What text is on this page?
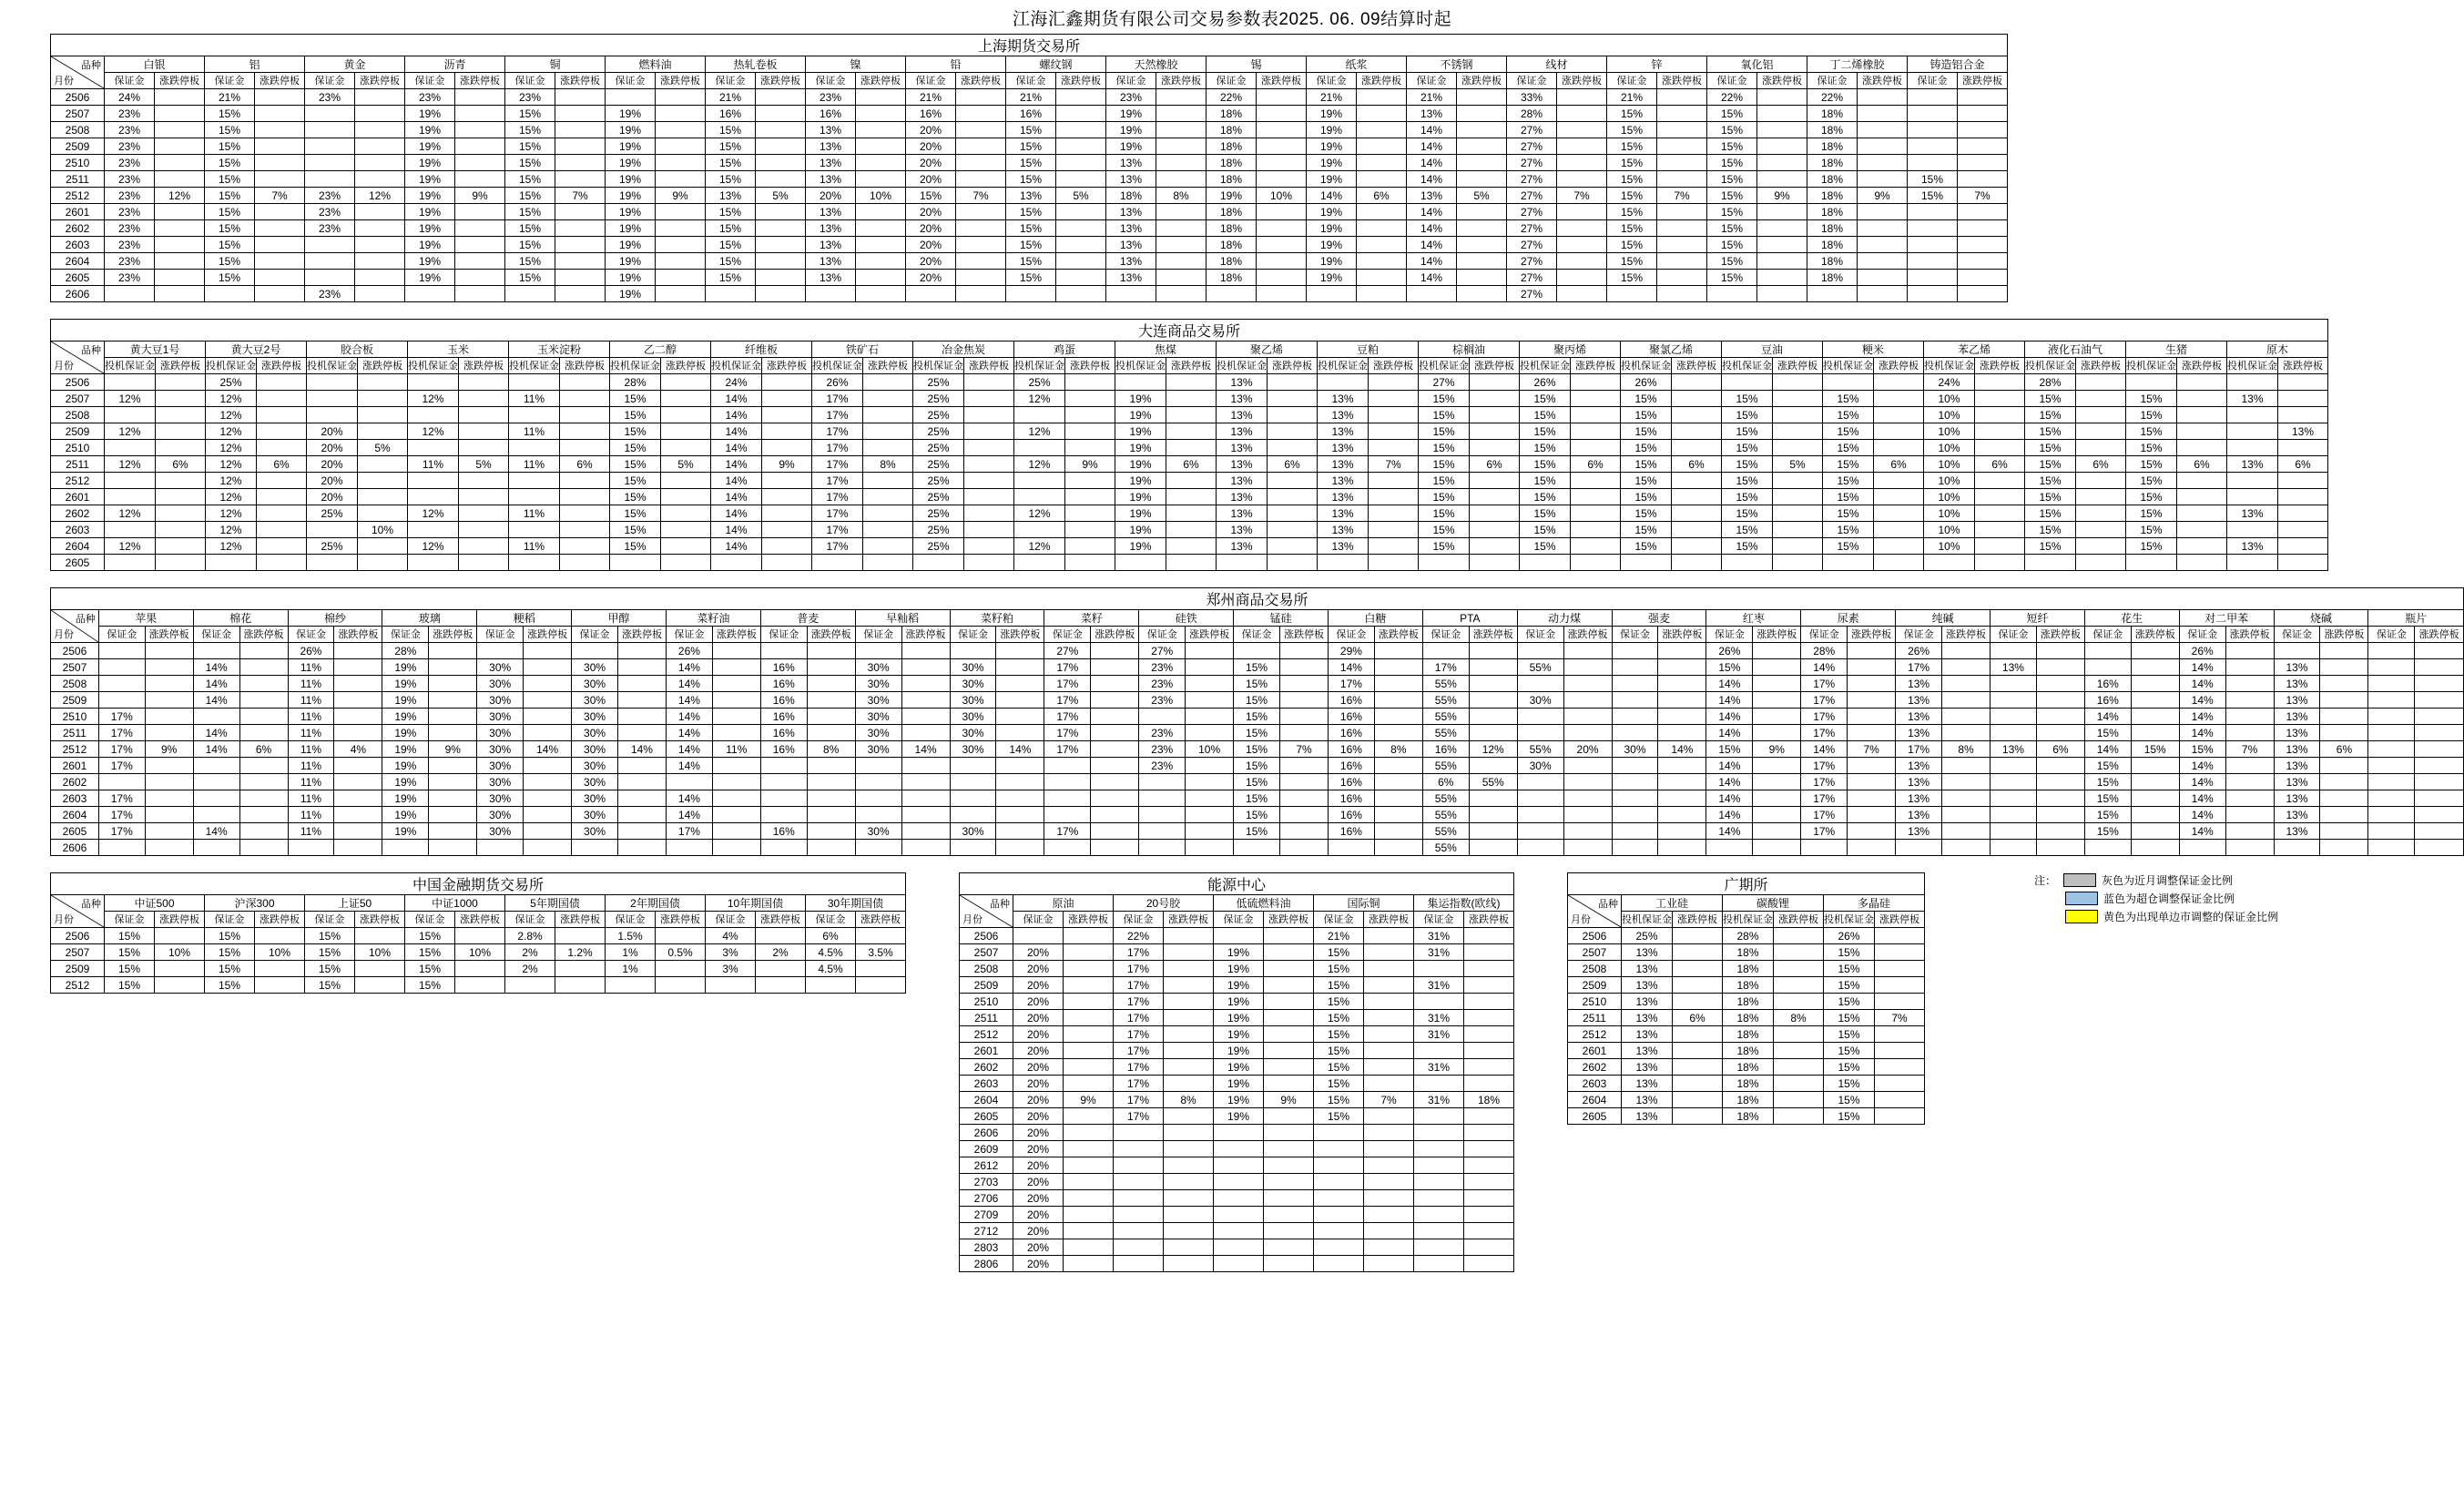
江海汇鑫期货有限公司交易参数表2025. 06. 09结算时起
上海期货交易所																																						

品种
月份	白银		铝		黄金		沥青		铜		燃料油		热轧卷板		镍		铅		螺纹钢		天然橡胶		锡		纸浆		不锈钢		线材		锌		氧化铝		丁二烯橡胶		铸造铝合金	
	保证金	涨跌停板	保证金	涨跌停板	保证金	涨跌停板	保证金	涨跌停板	保证金	涨跌停板	保证金	涨跌停板	保证金	涨跌停板	保证金	涨跌停板	保证金	涨跌停板	保证金	涨跌停板	保证金	涨跌停板	保证金	涨跌停板	保证金	涨跌停板	保证金	涨跌停板	保证金	涨跌停板	保证金	涨跌停板	保证金	涨跌停板	保证金	涨跌停板	保证金	涨跌停板
2506	24%		21%		23%		23%		23%				21%		23%		21%		21%		23%		22%		21%		21%		33%		21%		22%		22%			
2507	23%		15%				19%		15%		19%		16%		16%		16%		16%		19%		18%		19%		13%		28%		15%		15%		18%			
2508	23%		15%				19%		15%		19%		15%		13%		20%		15%		19%		18%		19%		14%		27%		15%		15%		18%			
2509	23%		15%				19%		15%		19%		15%		13%		20%		15%		19%		18%		19%		14%		27%		15%		15%		18%			
2510	23%		15%				19%		15%		19%		15%		13%		20%		15%		13%		18%		19%		14%		27%		15%		15%		18%			
2511	23%		15%				19%		15%		19%		15%		13%		20%		15%		13%		18%		19%		14%		27%		15%		15%		18%		15%	
2512	23%	12%	15%	7%	23%	12%	19%	9%	15%	7%	19%	9%	13%	5%	20%	10%	15%	7%	13%	5%	18%	8%	19%	10%	14%	6%	13%	5%	27%	7%	15%	7%	15%	9%	18%	9%	15%	7%
2601	23%		15%		23%		19%		15%		19%		15%		13%		20%		15%		13%		18%		19%		14%		27%		15%		15%		18%			
2602	23%		15%		23%		19%		15%		19%		15%		13%		20%		15%		13%		18%		19%		14%		27%		15%		15%		18%			
2603	23%		15%				19%		15%		19%		15%		13%		20%		15%		13%		18%		19%		14%		27%		15%		15%		18%			
2604	23%		15%				19%		15%		19%		15%		13%		20%		15%		13%		18%		19%		14%		27%		15%		15%		18%			
2605	23%		15%				19%		15%		19%		15%		13%		20%		15%		13%		18%		19%		14%		27%		15%		15%		18%			
2606					23%						19%																		27%									
大连商品交易所																																												

品种
月份	黄大豆1号		黄大豆2号		胶合板		玉米		玉米淀粉		乙二醇		纤维板		铁矿石		冶金焦炭		鸡蛋		焦煤		聚乙烯		豆粕		棕榈油		聚丙烯		聚氯乙烯		豆油		粳米		苯乙烯		液化石油气		生猪		原木	
	投机保证金	涨跌停板	投机保证金	涨跌停板	投机保证金	涨跌停板	投机保证金	涨跌停板	投机保证金	涨跌停板	投机保证金	涨跌停板	投机保证金	涨跌停板	投机保证金	涨跌停板	投机保证金	涨跌停板	投机保证金	涨跌停板	投机保证金	涨跌停板	投机保证金	涨跌停板	投机保证金	涨跌停板	投机保证金	涨跌停板	投机保证金	涨跌停板	投机保证金	涨跌停板	投机保证金	涨跌停板	投机保证金	涨跌停板	投机保证金	涨跌停板	投机保证金	涨跌停板	投机保证金	涨跌停板	投机保证金	涨跌停板
2506			25%								28%		24%		26%		25%		25%				13%				27%		26%		26%						24%		28%					
2507	12%		12%				12%		11%		15%		14%		17%		25%		12%		19%		13%		13%		15%		15%		15%		15%		15%		10%		15%		15%		13%	
2508			12%								15%		14%		17%		25%				19%		13%		13%		15%		15%		15%		15%		15%		10%		15%		15%			
2509	12%		12%		20%		12%		11%		15%		14%		17%		25%		12%		19%		13%		13%		15%		15%		15%		15%		15%		10%		15%		15%			13%
2510			12%		20%	5%					15%		14%		17%		25%				19%		13%		13%		15%		15%		15%		15%		15%		10%		15%		15%			
2511	12%	6%	12%	6%	20%		11%	5%	11%	6%	15%	5%	14%	9%	17%	8%	25%		12%	9%	19%	6%	13%	6%	13%	7%	15%	6%	15%	6%	15%	6%	15%	5%	15%	6%	10%	6%	15%	6%	15%	6%	13%	6%
2512			12%		20%						15%		14%		17%		25%				19%		13%		13%		15%		15%		15%		15%		15%		10%		15%		15%			
2601			12%		20%						15%		14%		17%		25%				19%		13%		13%		15%		15%		15%		15%		15%		10%		15%		15%			
2602	12%		12%		25%		12%		11%		15%		14%		17%		25%		12%		19%		13%		13%		15%		15%		15%		15%		15%		10%		15%		15%		13%	
2603			12%			10%					15%		14%		17%		25%				19%		13%		13%		15%		15%		15%		15%		15%		10%		15%		15%			
2604	12%		12%		25%		12%		11%		15%		14%		17%		25%		12%		19%		13%		13%		15%		15%		15%		15%		15%		10%		15%		15%		13%	
2605																																												
郑州商品交易所																																																		

品种
月份	苹果		棉花		棉纱		玻璃		粳稻		甲醇		菜籽油		普麦		早籼稻		菜籽粕		菜籽		硅铁		锰硅		白糖		PTA		动力煤		强麦		红枣		尿素		纯碱		短纤		花生		对二甲苯		烧碱		瓶片	
	保证金	涨跌停板	保证金	涨跌停板	保证金	涨跌停板	保证金	涨跌停板	保证金	涨跌停板	保证金	涨跌停板	保证金	涨跌停板	保证金	涨跌停板	保证金	涨跌停板	保证金	涨跌停板	保证金	涨跌停板	保证金	涨跌停板	保证金	涨跌停板	保证金	涨跌停板	保证金	涨跌停板	保证金	涨跌停板	保证金	涨跌停板	保证金	涨跌停板	保证金	涨跌停板	保证金	涨跌停板	保证金	涨跌停板	保证金	涨跌停板	保证金	涨跌停板	保证金	涨跌停板	保证金	涨跌停板
2506					26%		28%						26%								27%		27%				29%								26%		28%		26%						26%					
2507			14%		11%		19%		30%		30%		14%		16%		30%		30%		17%		23%		15%		14%		17%		55%				15%		14%		17%		13%				14%		13%			
2508			14%		11%		19%		30%		30%		14%		16%		30%		30%		17%		23%		15%		17%		55%						14%		17%		13%				16%		14%		13%			
2509			14%		11%		19%		30%		30%		14%		16%		30%		30%		17%		23%		15%		16%		55%		30%				14%		17%		13%				16%		14%		13%			
2510	17%				11%		19%		30%		30%		14%		16%		30%		30%		17%				15%		16%		55%						14%		17%		13%				14%		14%		13%			
2511	17%		14%		11%		19%		30%		30%		14%		16%		30%		30%		17%		23%		15%		16%		55%						14%		17%		13%				15%		14%		13%			
2512	17%	9%	14%	6%	11%	4%	19%	9%	30%	14%	30%	14%	14%	11%	16%	8%	30%	14%	30%	14%	17%		23%	10%	15%	7%	16%	8%	16%	12%	55%	20%	30%	14%	15%	9%	14%	7%	17%	8%	13%	6%	14%	15%	15%	7%	13%	6%		
2601	17%				11%		19%		30%		30%		14%										23%		15%		16%		55%		30%				14%		17%		13%				15%		14%		13%			
2602					11%		19%		30%		30%														15%		16%		6%	55%					14%		17%		13%				15%		14%		13%			
2603	17%				11%		19%		30%		30%		14%												15%		16%		55%						14%		17%		13%				15%		14%		13%			
2604	17%				11%		19%		30%		30%		14%												15%		16%		55%						14%		17%		13%				15%		14%		13%			
2605	17%		14%		11%		19%		30%		30%		17%		16%		30%		30%		17%				15%		16%		55%						14%		17%		13%				15%		14%		13%			
2606																													55%																					
中国金融期货交易所																

品种
月份	中证500		沪深300		上证50		中证1000		5年期国债		2年期国债		10年期国债		30年期国债	
	保证金	涨跌停板	保证金	涨跌停板	保证金	涨跌停板	保证金	涨跌停板	保证金	涨跌停板	保证金	涨跌停板	保证金	涨跌停板	保证金	涨跌停板
2506	15%		15%		15%		15%		2.8%		1.5%		4%		6%	
2507	15%	10%	15%	10%	15%	10%	15%	10%	2%	1.2%	1%	0.5%	3%	2%	4.5%	3.5%
2509	15%		15%		15%		15%		2%		1%		3%		4.5%	
2512	15%		15%		15%		15%									
能源中心										

品种
月份	原油		20号胶		低硫燃料油		国际铜		集运指数(欧线)	
	保证金	涨跌停板	保证金	涨跌停板	保证金	涨跌停板	保证金	涨跌停板	保证金	涨跌停板
2506			22%				21%		31%	
2507	20%		17%		19%		15%		31%	
2508	20%		17%		19%		15%			
2509	20%		17%		19%		15%		31%	
2510	20%		17%		19%		15%			
2511	20%		17%		19%		15%		31%	
2512	20%		17%		19%		15%		31%	
2601	20%		17%		19%		15%			
2602	20%		17%		19%		15%		31%	
2603	20%		17%		19%		15%			
2604	20%	9%	17%	8%	19%	9%	15%	7%	31%	18%
2605	20%		17%		19%		15%			
2606	20%									
2609	20%									
2612	20%									
2703	20%									
2706	20%									
2709	20%									
2712	20%									
2803	20%									
2806	20%									
广期所						

品种
月份	工业硅		碳酸锂		多晶硅	
	投机保证金	涨跌停板	投机保证金	涨跌停板	投机保证金	涨跌停板
2506	25%		28%		26%	
2507	13%		18%		15%	
2508	13%		18%		15%	
2509	13%		18%		15%	
2510	13%		18%		15%	
2511	13%	6%	18%	8%	15%	7%
2512	13%		18%		15%	
2601	13%		18%		15%	
2602	13%		18%		15%	
2603	13%		18%		15%	
2604	13%		18%		15%	
2605	13%		18%		15%	
注：	灰色为近月调整保证金比例
蓝色为超仓调整保证金比例
黄色为出现单边市调整的保证金比例
